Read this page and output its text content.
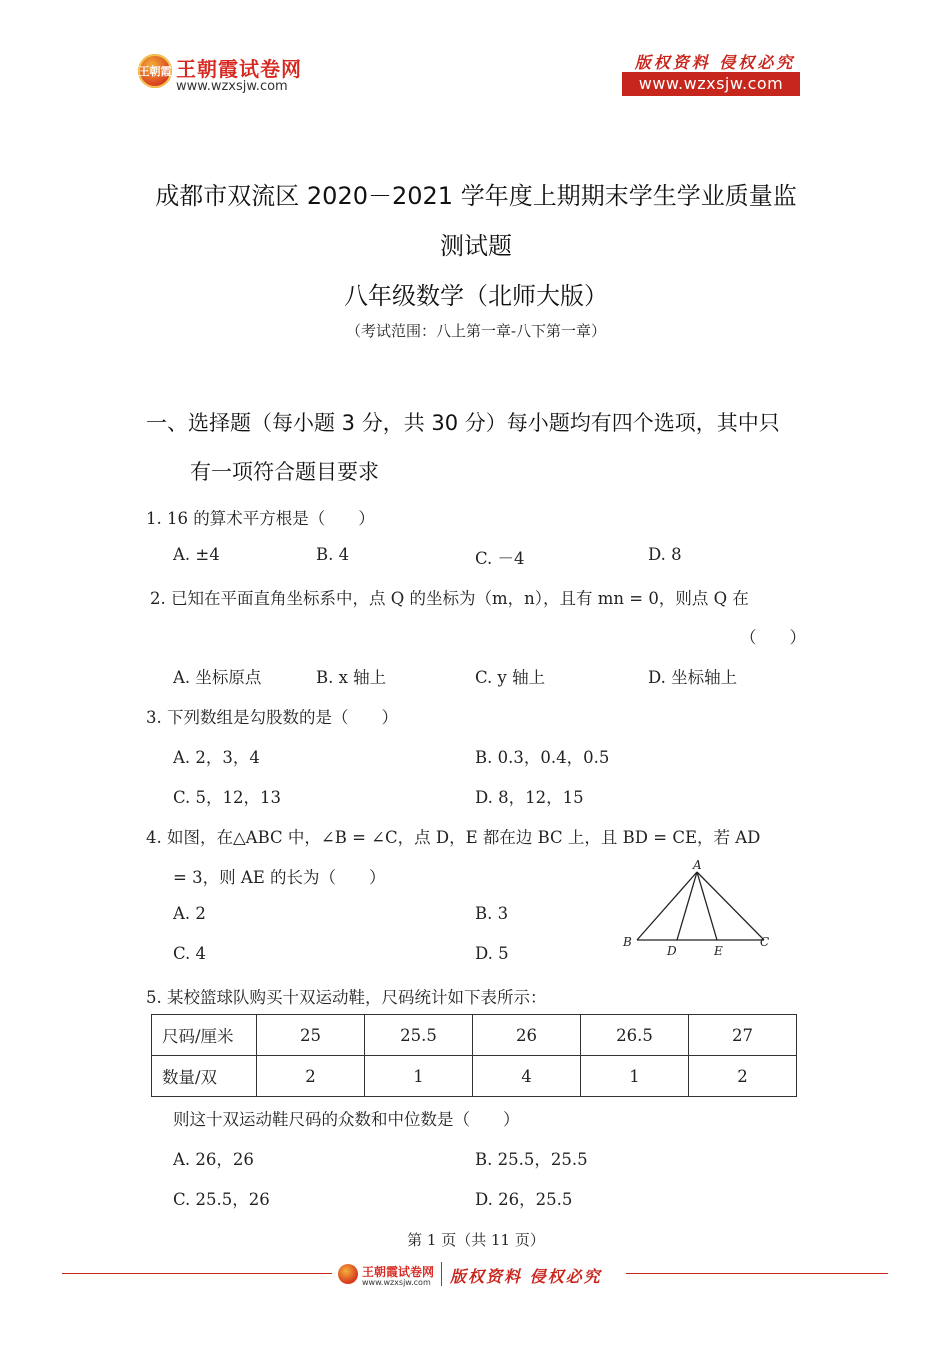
王朝霞 王朝霞试卷网
www.wzxsjw.com
版权资料 侵权必究
www.wzxsjw.com
成都市双流区 2020－2021 学年度上期期末学生学业质量监
测试题
八年级数学（北师大版）
（考试范围：八上第一章-八下第一章）
一、选择题（每小题 3 分，共 30 分）每小题均有四个选项，其中只
有一项符合题目要求
1. 16 的算术平方根是（　　）
A. ±4	B. 4	C. －4	D. 8
2. 已知在平面直角坐标系中，点 Q 的坐标为（m，n），且有 mn = 0，则点 Q 在
（　　）
A. 坐标原点	B. x 轴上	C. y 轴上	D. 坐标轴上
3. 下列数组是勾股数的是（　　）
A. 2，3，4	B. 0.3，0.4，0.5
C. 5，12，13	D. 8，12，15
4. 如图，在△ABC 中，∠B = ∠C，点 D，E 都在边 BC 上，且 BD = CE，若 AD
= 3，则 AE 的长为（　　）
A. 2	B. 3
C. 4	D. 5
A
B
D	E
C
5. 某校篮球队购买十双运动鞋，尺码统计如下表所示：
尺码/厘米	25	25.5	26	26.5	27
数量/双	2	1	4	1	2
则这十双运动鞋尺码的众数和中位数是（　　）
A. 26，26	B. 25.5，25.5
C. 25.5，26	D. 26，25.5
第 1 页（共 11 页）
王朝霞试卷网
www.wzxsjw.com 版权资料 侵权必究
